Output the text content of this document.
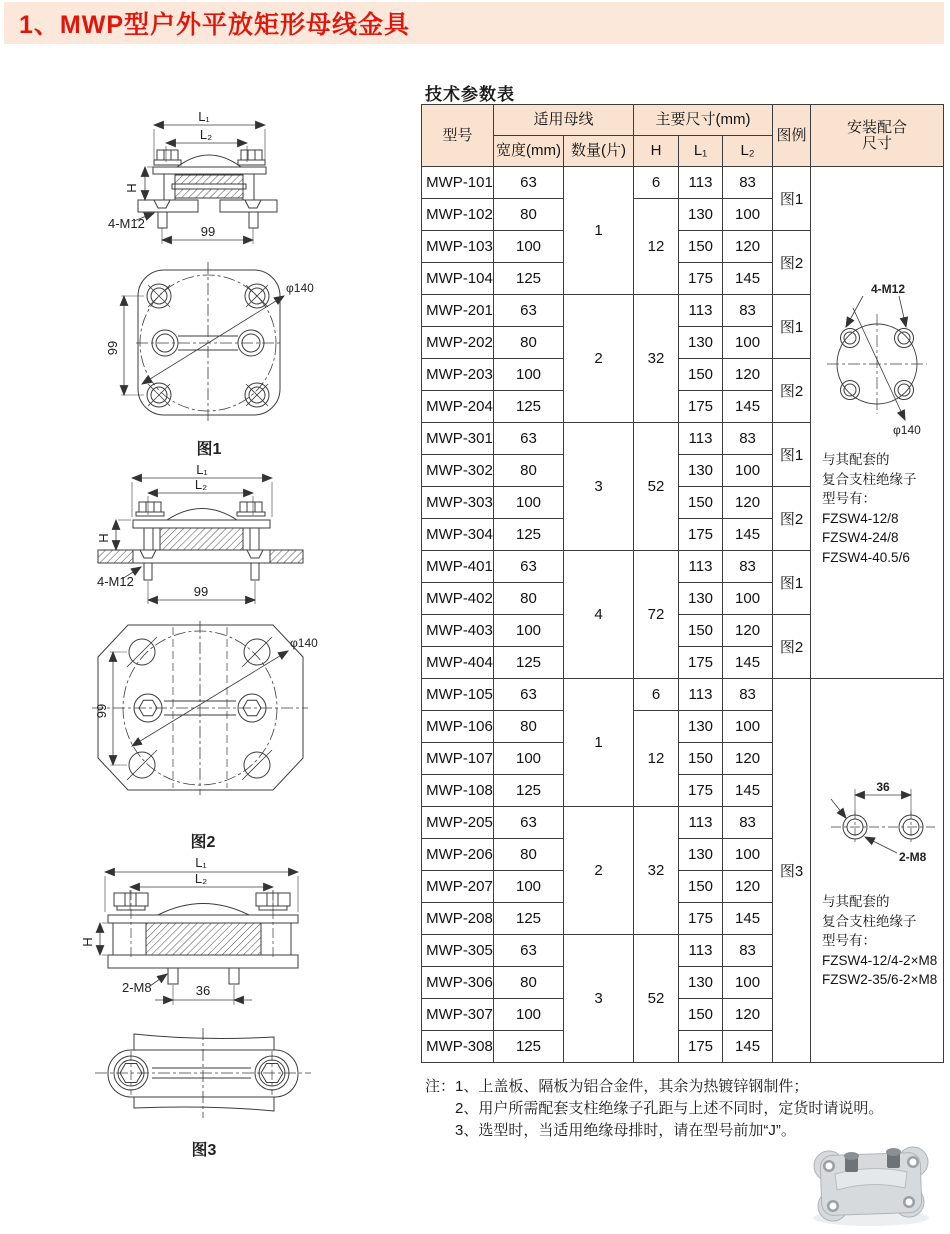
1、MWP型户外平放矩形母线金具
L₁
L₂
H
4-M12
99
φ140
99
图1
L₁
L₂
H
4-M12
99
φ140
99
图2
L₁
L₂
H
2-M8	36
图3
技术参数表
型号	适用母线		主要尺寸(mm)			图例	安装配合
尺寸

	宽度(mm)	数量(片)	H	L₁	L₂		
MWP-101	63	1	6	113	83	图1	
4-M12
φ140
与其配套的
复合支柱绝缘子
型号有：
FZSW4-12/8
FZSW4-24/8
FZSW4-40.5/6

MWP-102	80		12	130	100		
MWP-103	100			150	120	图2	
MWP-104	125			175	145		
MWP-201	63	2	32	113	83	图1	
MWP-202	80			130	100		
MWP-203	100			150	120	图2	
MWP-204	125			175	145		
MWP-301	63	3	52	113	83	图1	
MWP-302	80			130	100		
MWP-303	100			150	120	图2	
MWP-304	125			175	145		
MWP-401	63	4	72	113	83	图1	
MWP-402	80			130	100		
MWP-403	100			150	120	图2	
MWP-404	125			175	145		
MWP-105	63	1	6	113	83	图3	
36
2-M8
与其配套的
复合支柱绝缘子
型号有：
FZSW4-12/4-2×M8
FZSW2-35/6-2×M8

MWP-106	80		12	130	100		
MWP-107	100			150	120		
MWP-108	125			175	145		
MWP-205	63	2	32	113	83		
MWP-206	80			130	100		
MWP-207	100			150	120		
MWP-208	125			175	145		
MWP-305	63	3	52	113	83		
MWP-306	80			130	100		
MWP-307	100			150	120		
MWP-308	125			175	145		
注：1、上盖板、隔板为铝合金件，其余为热镀锌钢制件；
2、用户所需配套支柱绝缘子孔距与上述不同时，定货时请说明。
3、选型时，当适用绝缘母排时，请在型号前加“J”。
